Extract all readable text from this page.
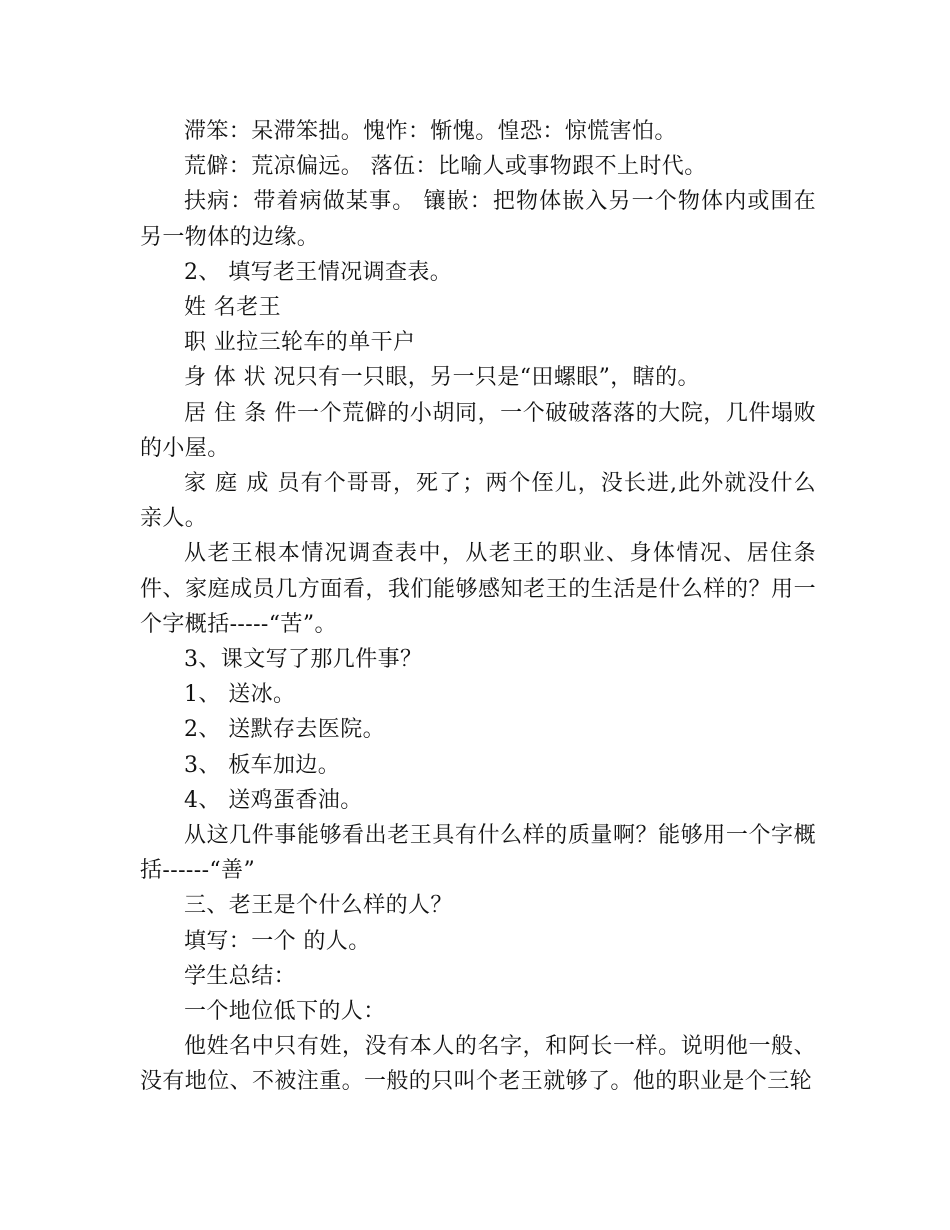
滞笨：呆滞笨拙。愧怍：惭愧。惶恐：惊慌害怕。

荒僻：荒凉偏远。 落伍：比喻人或事物跟不上时代。

扶病：带着病做某事。 镶嵌：把物体嵌入另一个物体内或围在另一物体的边缘。

2、 填写老王情况调查表。

姓 名老王

职 业拉三轮车的单干户

身 体 状 况只有一只眼，另一只是“田螺眼”，瞎的。

居 住 条 件一个荒僻的小胡同，一个破破落落的大院，几件塌败的小屋。

家 庭 成 员有个哥哥，死了；两个侄儿，没长进,此外就没什么亲人。

从老王根本情况调查表中，从老王的职业、身体情况、居住条件、家庭成员几方面看，我们能够感知老王的生活是什么样的？用一个字概括-----“苦”。

3、课文写了那几件事？

1、 送冰。

2、 送默存去医院。

3、 板车加边。

4、 送鸡蛋香油。

从这几件事能够看出老王具有什么样的质量啊？能够用一个字概括------“善”

三、老王是个什么样的人？

填写：一个 的人。

学生总结：

一个地位低下的人：

他姓名中只有姓，没有本人的名字，和阿长一样。说明他一般、没有地位、不被注重。一般的只叫个老王就够了。他的职业是个三轮
